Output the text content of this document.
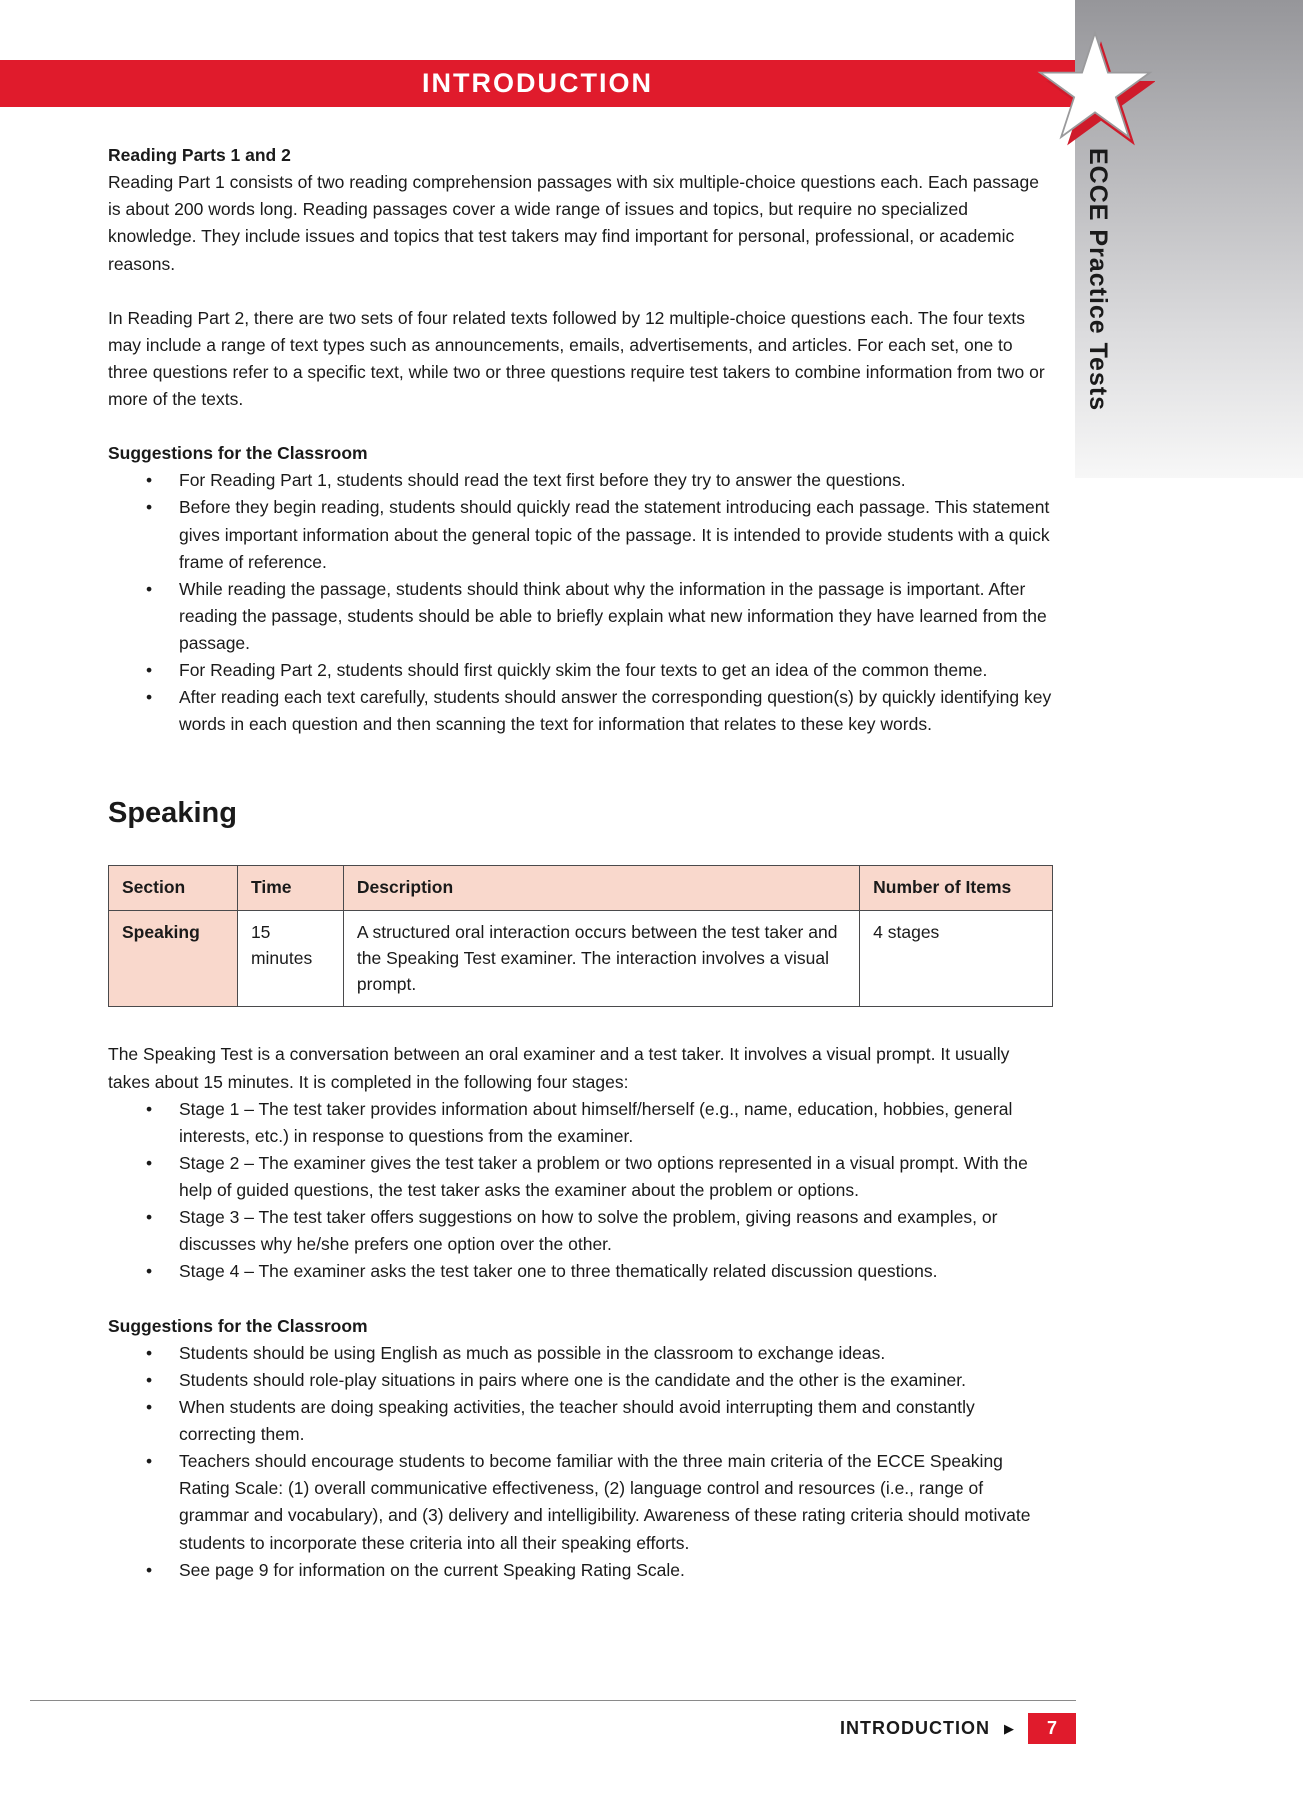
INTRODUCTION
ECCE Practice Tests
Reading Parts 1 and 2
Reading Part 1 consists of two reading comprehension passages with six multiple-choice questions each. Each passage is about 200 words long. Reading passages cover a wide range of issues and topics, but require no specialized knowledge. They include issues and topics that test takers may find important for personal, professional, or academic reasons.
In Reading Part 2, there are two sets of four related texts followed by 12 multiple-choice questions each. The four texts may include a range of text types such as announcements, emails, advertisements, and articles. For each set, one to three questions refer to a specific text, while two or three questions require test takers to combine information from two or more of the texts.
Suggestions for the Classroom
•	For Reading Part 1, students should read the text first before they try to answer the questions.
•	Before they begin reading, students should quickly read the statement introducing each passage. This statement gives important information about the general topic of the passage. It is intended to provide students with a quick frame of reference.
•	While reading the passage, students should think about why the information in the passage is important. After reading the passage, students should be able to briefly explain what new information they have learned from the passage.
•	For Reading Part 2, students should first quickly skim the four texts to get an idea of the common theme.
•	After reading each text carefully, students should answer the corresponding question(s) by quickly identifying key words in each question and then scanning the text for information that relates to these key words.
Speaking
Section	Time	Description	Number of Items
Speaking	15 minutes	A structured oral interaction occurs between the test taker and the Speaking Test examiner. The interaction involves a visual prompt.	4 stages
The Speaking Test is a conversation between an oral examiner and a test taker. It involves a visual prompt. It usually takes about 15 minutes. It is completed in the following four stages:
•	Stage 1 – The test taker provides information about himself/herself (e.g., name, education, hobbies, general interests, etc.) in response to questions from the examiner.
•	Stage 2 – The examiner gives the test taker a problem or two options represented in a visual prompt. With the help of guided questions, the test taker asks the examiner about the problem or options.
•	Stage 3 – The test taker offers suggestions on how to solve the problem, giving reasons and examples, or discusses why he/she prefers one option over the other.
•	Stage 4 – The examiner asks the test taker one to three thematically related discussion questions.
Suggestions for the Classroom
•	Students should be using English as much as possible in the classroom to exchange ideas.
•	Students should role-play situations in pairs where one is the candidate and the other is the examiner.
•	When students are doing speaking activities, the teacher should avoid interrupting them and constantly correcting them.
•	Teachers should encourage students to become familiar with the three main criteria of the ECCE Speaking Rating Scale: (1) overall communicative effectiveness, (2) language control and resources (i.e., range of grammar and vocabulary), and (3) delivery and intelligibility. Awareness of these rating criteria should motivate students to incorporate these criteria into all their speaking efforts.
•	See page 9 for information on the current Speaking Rating Scale.
INTRODUCTION ▶	7
